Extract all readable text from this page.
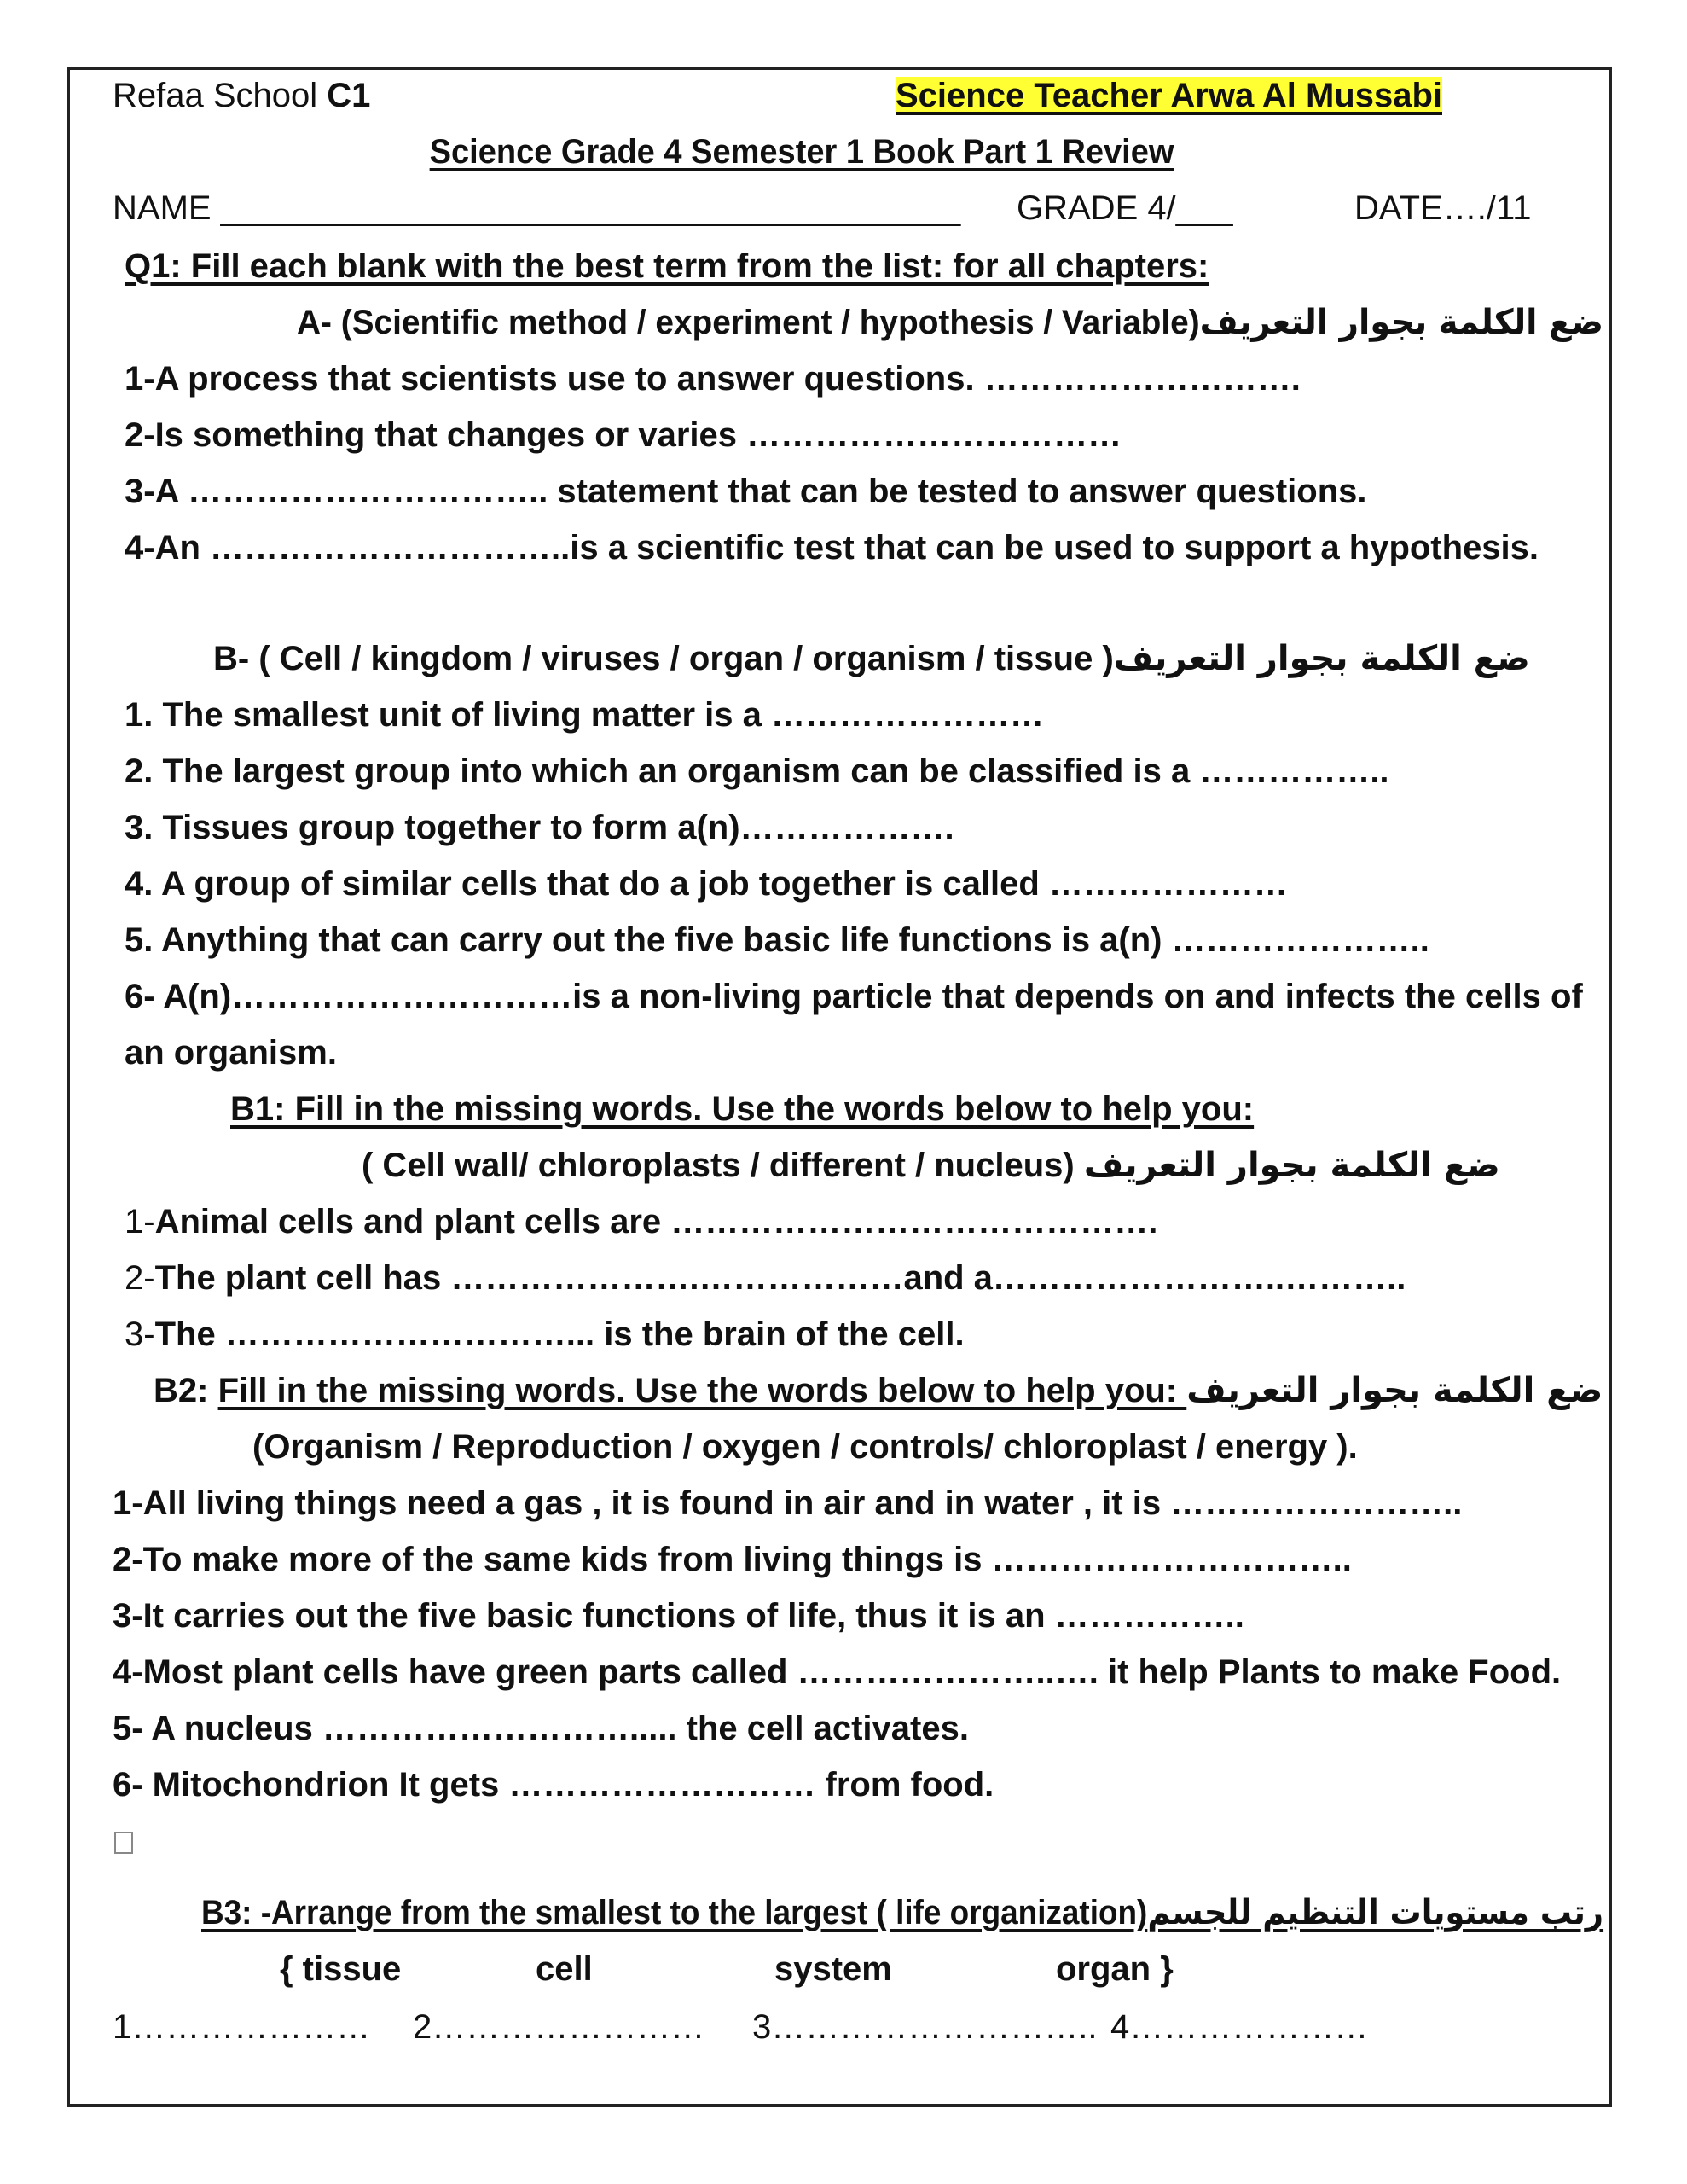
Refaa School C1	Science Teacher Arwa Al Mussabi
Science Grade 4 Semester 1 Book Part 1 Review
NAME _______________________________________ GRADE 4/___	DATE…./11
Q1: Fill each blank with the best term from the list: for all chapters:
A- (Scientific method / experiment / hypothesis / Variable)ضع الكلمة بجوار التعريف
1-A process that scientists use to answer questions. ……………………….
2-Is something that changes or varies ……………………………
3-A ………………………….. statement that can be tested to answer questions.
4-An …………………………..is a scientific test that can be used to support a hypothesis.
B- ( Cell / kingdom / viruses / organ / organism / tissue )ضع الكلمة بجوار التعريف
1. The smallest unit of living matter is a ……………………
2. The largest group into which an organism can be classified is a ……………..
3. Tissues group together to form a(n)……………….
4. A group of similar cells that do a job together is called …………………
5. Anything that can carry out the five basic life functions is a(n) …………………..
6- A(n)…………………………is a non-living particle that depends on and infects the cells of
an organism.
B1: Fill in the missing words. Use the words below to help you:
( Cell wall/ chloroplasts / different / nucleus) ضع الكلمة بجوار التعريف
1-Animal cells and plant cells are …………………………………….
2-The plant cell has ………………….………………and a……………………..………..
3-The …………………………... is the brain of the cell.
B2: Fill in the missing words. Use the words below to help you: ضع الكلمة بجوار التعريف
(Organism / Reproduction / oxygen / controls/ chloroplast / energy ).
1-All living things need a gas , it is found in air and in water , it is ……………………..
2-To make more of the same kids from living things is …………………………..
3-It carries out the five basic functions of life, thus it is an ……………..
4-Most plant cells have green parts called …………………..…. it help Plants to make Food.
5- A nucleus ………………………..... the cell activates.
6- Mitochondrion It gets ……………………… from food.
B3: -Arrange from the smallest to the largest ( life organization)رتب مستويات التنظيم للجسم
{ tissue	cell	system	organ }
1………………… 2…………………… 3……………………….. 4…………………
